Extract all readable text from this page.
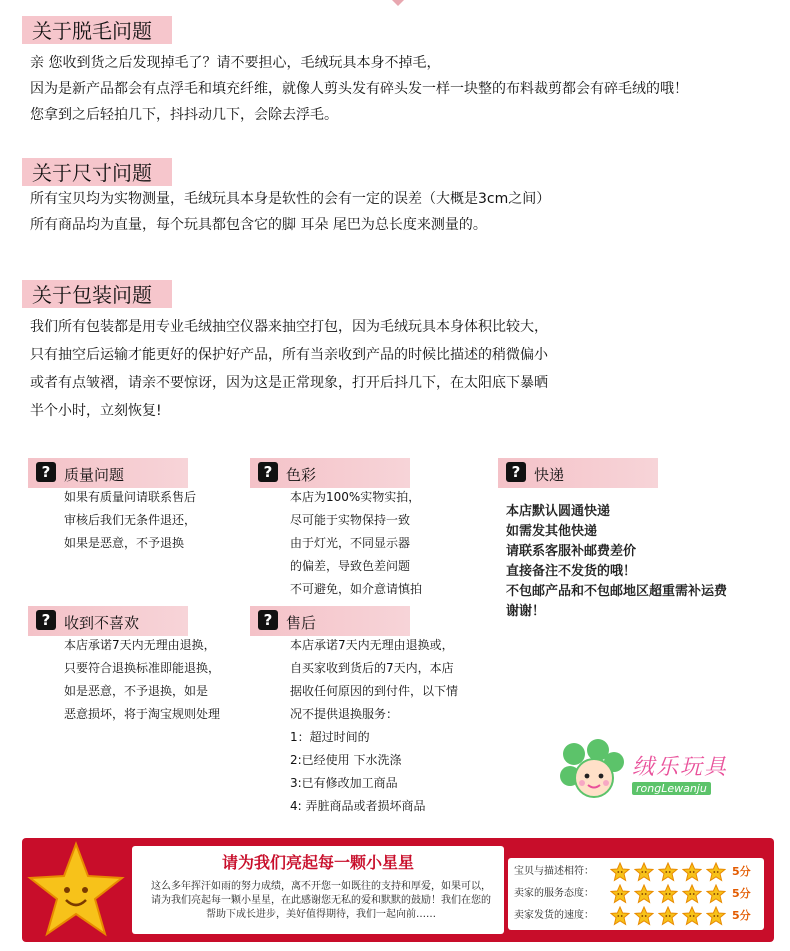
关于脱毛问题
亲 您收到货之后发现掉毛了？请不要担心，毛绒玩具本身不掉毛，
因为是新产品都会有点浮毛和填充纤维，就像人剪头发有碎头发一样一块整的布料裁剪都会有碎毛绒的哦！
您拿到之后轻拍几下，抖抖动几下，会除去浮毛。
关于尺寸问题
所有宝贝均为实物测量，毛绒玩具本身是软性的会有一定的误差（大概是3cm之间）
所有商品均为直量，每个玩具都包含它的脚 耳朵 尾巴为总长度来测量的。
关于包装问题
我们所有包装都是用专业毛绒抽空仪器来抽空打包，因为毛绒玩具本身体积比较大，
只有抽空后运输才能更好的保护好产品，所有当亲收到产品的时候比描述的稍微偏小
或者有点皱褶，请亲不要惊讶，因为这是正常现象，打开后抖几下，在太阳底下暴晒
半个小时，立刻恢复!
? 质量问题
如果有质量问请联系售后
审核后我们无条件退还，
如果是恶意，不予退换
? 色彩
本店为100%实物实拍，
尽可能于实物保持一致
由于灯光，不同显示器
的偏差，导致色差问题
不可避免，如介意请慎拍
? 快递
本店默认圆通快递
如需发其他快递
请联系客服补邮费差价
直接备注不发货的哦！
不包邮产品和不包邮地区超重需补运费
谢谢！
? 收到不喜欢
本店承诺7天内无理由退换，
只要符合退换标准即能退换，
如是恶意，不予退换，如是
恶意损坏，将于淘宝规则处理
? 售后
本店承诺7天内无理由退换或，
自买家收到货后的7天内，本店
据收任何原因的到付件，以下情
况不提供退换服务：
1：超过时间的
2:已经使用 下水洗涤
3:已有修改加工商品
4: 弄脏商品或者损坏商品
绒乐玩具
rongLewanju
请为我们亮起每一颗小星星
这么多年挥汗如雨的努力成绩，离不开您一如既往的支持和厚爱，如果可以，请为我们亮起每一颗小星星，在此感谢您无私的爱和默默的鼓励！我们在您的帮助下成长进步，美好值得期待，我们一起向前……
宝贝与描述相符：	5分
卖家的服务态度：	5分
卖家发货的速度：	5分
